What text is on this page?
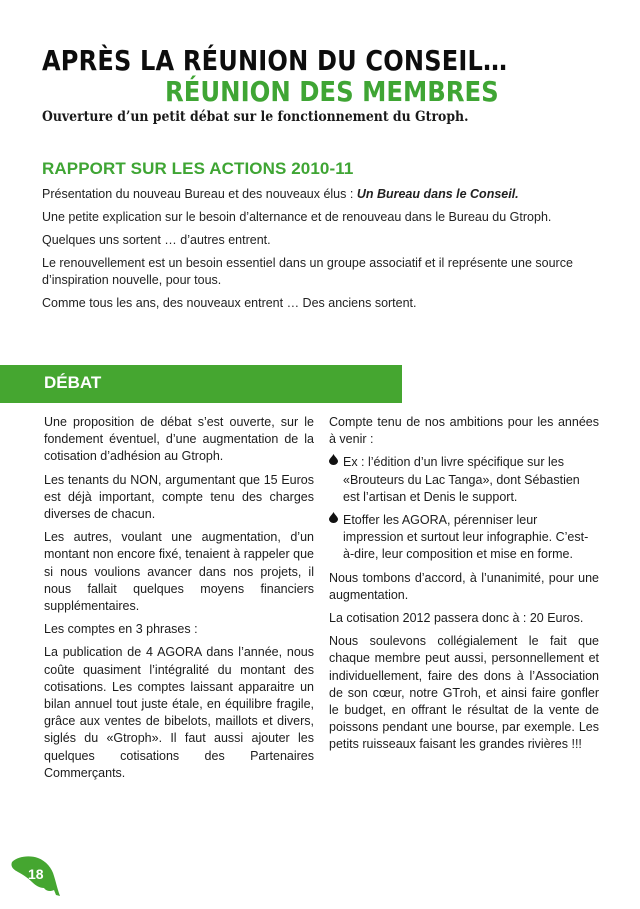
APRÈS LA RÉUNION DU CONSEIL…
RÉUNION DES MEMBRES
Ouverture d’un petit débat sur le fonctionnement du Gtroph.
RAPPORT SUR LES ACTIONS 2010-11

Présentation du nouveau Bureau et des nouveaux élus : Un Bureau dans le Conseil.

Une petite explication sur le besoin d’alternance et de renouveau dans le Bureau du Gtroph.

Quelques uns sortent … d’autres entrent.

Le renouvellement est un besoin essentiel dans un groupe associatif et il représente une source d’inspiration nouvelle, pour tous.

Comme tous les ans, des nouveaux entrent … Des anciens sortent.

DÉBAT

Une proposition de débat s’est ouverte, sur le fondement éventuel, d’une augmentation de la cotisation d’adhésion au Gtroph.

Les tenants du NON, argumentant que 15 Euros est déjà important, compte tenu des charges diverses de chacun.

Les autres, voulant une augmentation, d’un montant non encore fixé, tenaient à rappeler que si nous voulions avancer dans nos projets, il nous fallait quelques moyens financiers supplémentaires.

Les comptes en 3 phrases :

La publication de 4 AGORA dans l’année, nous coûte quasiment l’intégralité du montant des cotisations. Les comptes laissant apparaitre un bilan annuel tout juste étale, en équilibre fragile, grâce aux ventes de bibelots, maillots et divers, siglés du «Gtroph». Il faut aussi ajouter les quelques cotisations des Partenaires Commerçants.

Compte tenu de nos ambitions pour les années à venir :

Ex : l’édition d’un livre spécifique sur les «Brouteurs du Lac Tanga», dont Sébastien est l’artisan et Denis le support.
Etoffer les AGORA, pérenniser leur impression et surtout leur infographie. C’est-à-dire, leur composition et mise en forme.

Nous tombons d’accord, à l’unanimité, pour une augmentation.

La cotisation 2012 passera donc à : 20 Euros.

Nous soulevons collégialement le fait que chaque membre peut aussi, personnellement et individuellement, faire des dons à l’Association de son cœur, notre GTroh, et ainsi faire gonfler le budget, en offrant le résultat de la vente de poissons pendant une bourse, par exemple. Les petits ruisseaux faisant les grandes rivières !!!

18
